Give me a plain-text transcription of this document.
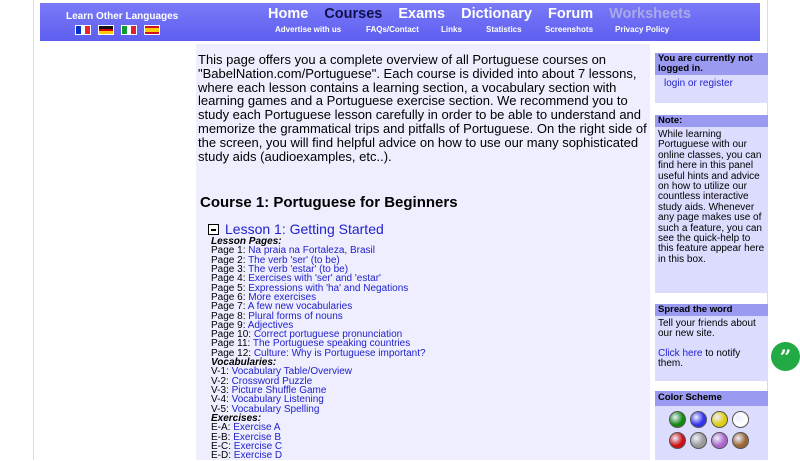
Learn Other Languages	Home Courses Exams Dictionary Forum Worksheets
Advertise with us	FAQs/Contact	Links	Statistics	Screenshots	Privacy Policy
This page offers you a complete overview of all Portuguese courses on "BabelNation.com/Portuguese". Each course is divided into about 7 lessons, where each lesson contains a learning section, a vocabulary section with learning games and a Portuguese exercise section. We recommend you to study each Portuguese lesson carefully in order to be able to understand and memorize the grammatical trips and pitfalls of Portuguese. On the right side of the screen, you will find helpful advice on how to use our many sophisticated study aids (audioexamples, etc..).
Course 1: Portuguese for Beginners
Lesson 1: Getting Started
Lesson Pages:
Page 1: Na praia na Fortaleza, Brasil
Page 2: The verb 'ser' (to be)
Page 3: The verb 'estar' (to be)
Page 4: Exercises with 'ser' and 'estar'
Page 5: Expressions with 'ha' and Negations
Page 6: More exercises
Page 7: A few new vocabularies
Page 8: Plural forms of nouns
Page 9: Adjectives
Page 10: Correct portuguese pronunciation
Page 11: The Portuguese speaking countries
Page 12: Culture: Why is Portuguese important?
Vocabularies:
V-1: Vocabulary Table/Overview
V-2: Crossword Puzzle
V-3: Picture Shuffle Game
V-4: Vocabulary Listening
V-5: Vocabulary Spelling
Exercises:
E-A: Exercise A
E-B: Exercise B
E-C: Exercise C
E-D: Exercise D
You are currently not logged in.
login or register
Note:
While learning Portuguese with our online classes, you can find here in this panel useful hints and advice on how to utilize our countless interactive study aids. Whenever any page makes use of such a feature, you can see the quick-help to this feature appear here in this box.
Spread the word
Tell your friends about our new site.
Click here to notify them.
Color Scheme
”
